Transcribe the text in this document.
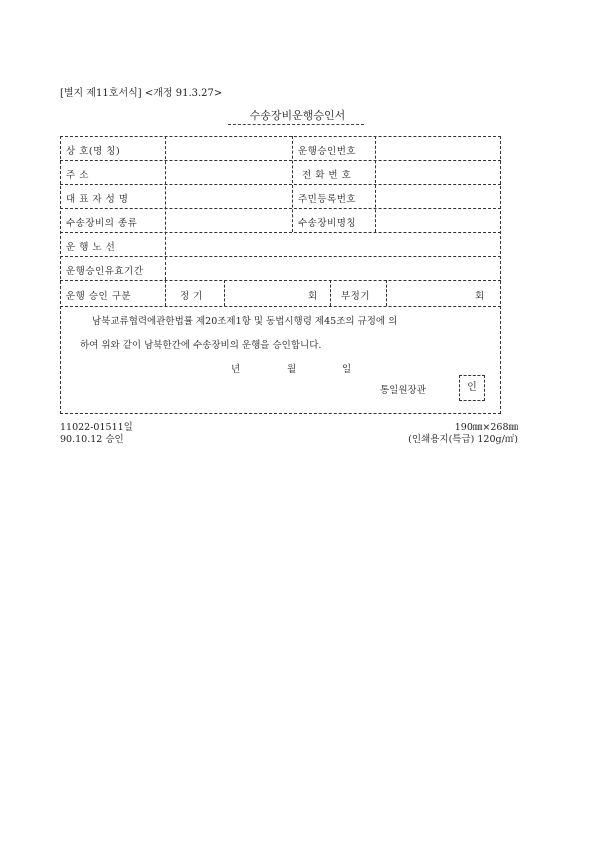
[별지 제11호서식] <개정 91.3.27>
수송장비운행승인서
상 호(명 칭)	운행승인번호
주 소	전 화 번 호
대 표 자 성 명	주민등록번호
수송장비의 종류	수송장비명칭
운 행 노 선
운행승인유효기간
운행 승인 구분	정 기	회 부정기	회
남북교류협력에관한법률 제20조제1항 및 동법시행령 제45조의 규정에 의
하여 위와 같이 남북한간에 수송장비의 운행을 승인합니다.
년	월	일
통일원장관	인
11022-01511일
90.10.12 승인
190㎜×268㎜
(인쇄용지(특급) 120g/㎡)
